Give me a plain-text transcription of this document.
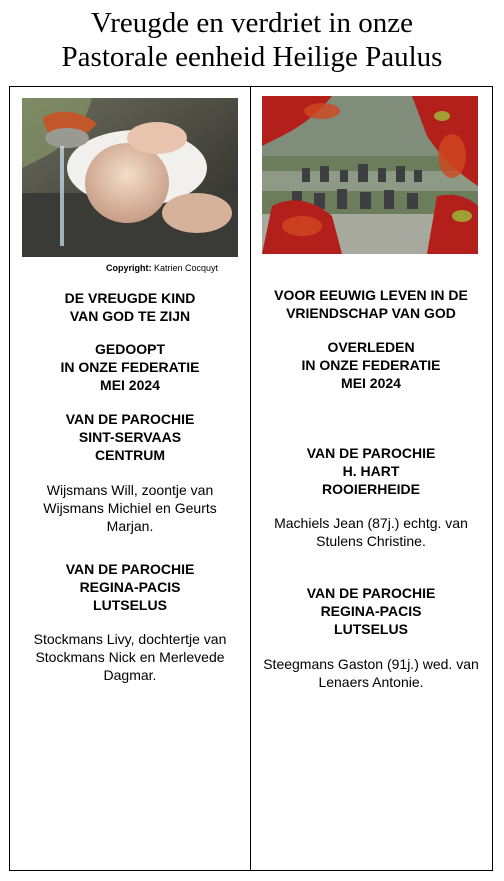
Vreugde en verdriet in onze
Pastorale eenheid Heilige Paulus
Copyright: Katrien Cocquyt

DE VREUGDE KIND
VAN GOD TE ZIJN

GEDOOPT
IN ONZE FEDERATIE
MEI 2024

VAN DE PAROCHIE
SINT-SERVAAS
CENTRUM

Wijsmans Will, zoontje van Wijsmans Michiel en Geurts Marjan.

VAN DE PAROCHIE
REGINA-PACIS
LUTSELUS

Stockmans Livy, dochtertje van Stockmans Nick en Merlevede Dagmar.

VOOR EEUWIG LEVEN IN DE
VRIENDSCHAP VAN GOD

OVERLEDEN
IN ONZE FEDERATIE
MEI 2024

VAN DE PAROCHIE
H. HART
ROOIERHEIDE

Machiels Jean (87j.) echtg. van Stulens Christine.

VAN DE PAROCHIE
REGINA-PACIS
LUTSELUS

Steegmans Gaston (91j.) wed. van Lenaers Antonie.
